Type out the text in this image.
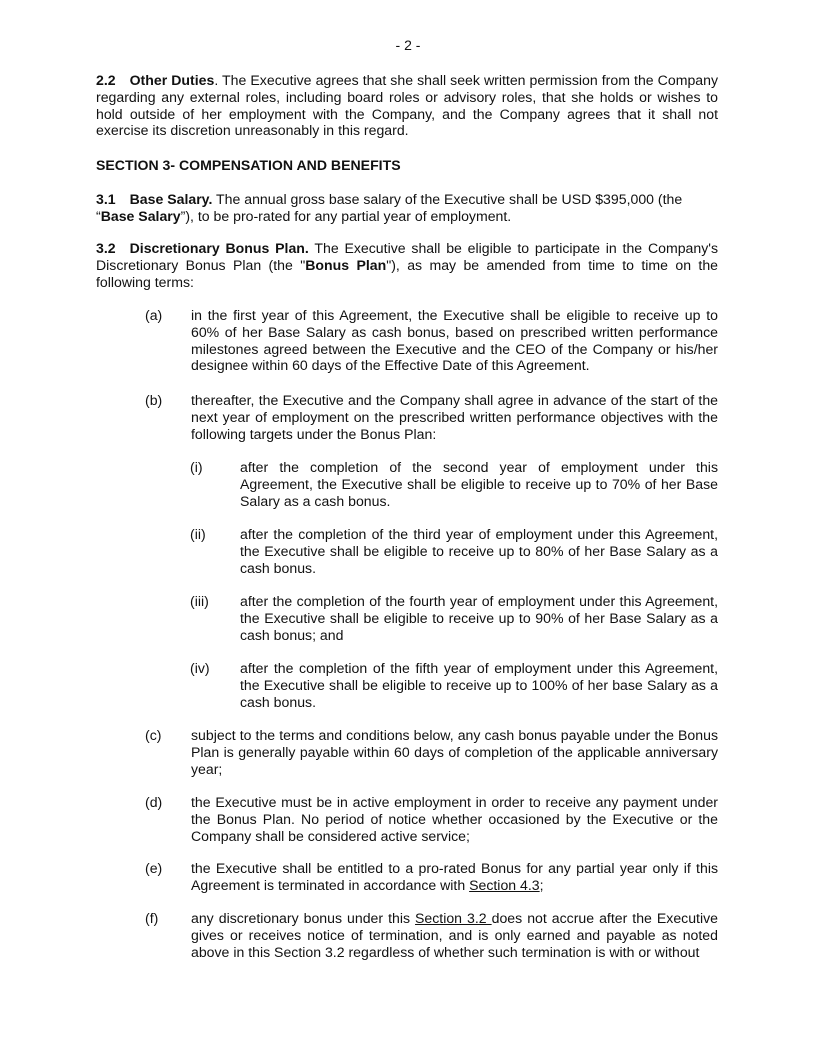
- 2 -

2.2 Other Duties. The Executive agrees that she shall seek written permission from the Company regarding any external roles, including board roles or advisory roles, that she holds or wishes to hold outside of her employment with the Company, and the Company agrees that it shall not exercise its discretion unreasonably in this regard.

SECTION 3- COMPENSATION AND BENEFITS

3.1 Base Salary. The annual gross base salary of the Executive shall be USD $395,000 (the “Base Salary”), to be pro-rated for any partial year of employment.

3.2 Discretionary Bonus Plan. The Executive shall be eligible to participate in the Company's Discretionary Bonus Plan (the "Bonus Plan"), as may be amended from time to time on the following terms:

(a) in the first year of this Agreement, the Executive shall be eligible to receive up to 60% of her Base Salary as cash bonus, based on prescribed written performance milestones agreed between the Executive and the CEO of the Company or his/her designee within 60 days of the Effective Date of this Agreement.
(b) thereafter, the Executive and the Company shall agree in advance of the start of the next year of employment on the prescribed written performance objectives with the following targets under the Bonus Plan:
(i)	after the completion of the second year of employment under this Agreement, the Executive shall be eligible to receive up to 70% of her Base Salary as a cash bonus.
(ii) after the completion of the third year of employment under this Agreement, the Executive shall be eligible to receive up to 80% of her Base Salary as a cash bonus.
(iii) after the completion of the fourth year of employment under this Agreement, the Executive shall be eligible to receive up to 90% of her Base Salary as a cash bonus; and
(iv) after the completion of the fifth year of employment under this Agreement, the Executive shall be eligible to receive up to 100% of her base Salary as a cash bonus.
(c) subject to the terms and conditions below, any cash bonus payable under the Bonus Plan is generally payable within 60 days of completion of the applicable anniversary year;
(d) the Executive must be in active employment in order to receive any payment under the Bonus Plan. No period of notice whether occasioned by the Executive or the Company shall be considered active service;
(e) the Executive shall be entitled to a pro-rated Bonus for any partial year only if this Agreement is terminated in accordance with Section 4.3;
(f) any discretionary bonus under this Section 3.2 does not accrue after the Executive gives or receives notice of termination, and is only earned and payable as noted above in this Section 3.2 regardless of whether such termination is with or without
